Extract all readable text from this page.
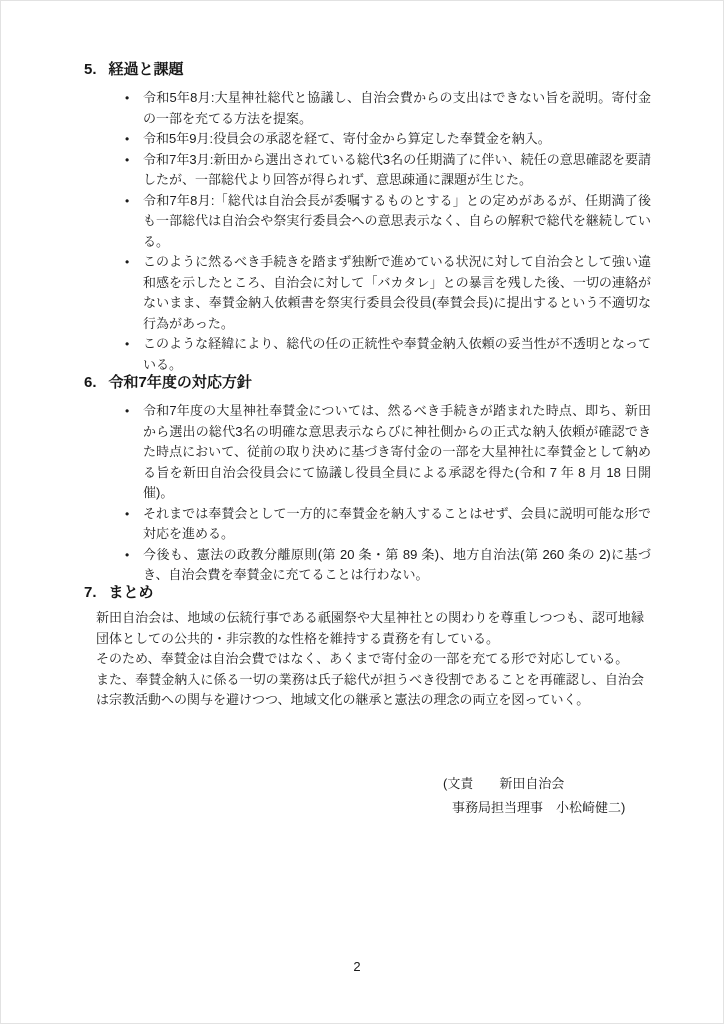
5. 経過と課題
• 令和5年8月:大星神社総代と協議し、自治会費からの支出はできない旨を説明。寄付金の一部を充てる方法を提案。
• 令和5年9月:役員会の承認を経て、寄付金から算定した奉賛金を納入。
• 令和7年3月:新田から選出されている総代3名の任期満了に伴い、続任の意思確認を要請したが、一部総代より回答が得られず、意思疎通に課題が生じた。
• 令和7年8月:「総代は自治会長が委嘱するものとする」との定めがあるが、任期満了後も一部総代は自治会や祭実行委員会への意思表示なく、自らの解釈で総代を継続している。
• このように然るべき手続きを踏まず独断で進めている状況に対して自治会として強い違和感を示したところ、自治会に対して「バカタレ」との暴言を残した後、一切の連絡がないまま、奉賛金納入依頼書を祭実行委員会役員(奉賛会長)に提出するという不適切な行為があった。
• このような経緯により、総代の任の正統性や奉賛金納入依頼の妥当性が不透明となっている。
6. 令和7年度の対応方針
• 令和7年度の大星神社奉賛金については、然るべき手続きが踏まれた時点、即ち、新田から選出の総代3名の明確な意思表示ならびに神社側からの正式な納入依頼が確認できた時点において、従前の取り決めに基づき寄付金の一部を大星神社に奉賛金として納める旨を新田自治会役員会にて協議し役員全員による承認を得た(令和 7 年 8 月 18 日開催)。
• それまでは奉賛会として一方的に奉賛金を納入することはせず、会員に説明可能な形で対応を進める。
• 今後も、憲法の政教分離原則(第 20 条・第 89 条)、地方自治法(第 260 条の 2)に基づき、自治会費を奉賛金に充てることは行わない。
7. まとめ

新田自治会は、地域の伝統行事である祇園祭や大星神社との関わりを尊重しつつも、認可地縁団体としての公共的・非宗教的な性格を維持する責務を有している。

そのため、奉賛金は自治会費ではなく、あくまで寄付金の一部を充てる形で対応している。

また、奉賛金納入に係る一切の業務は氏子総代が担うべき役割であることを再確認し、自治会は宗教活動への関与を避けつつ、地域文化の継承と憲法の理念の両立を図っていく。

(文責　　新田自治会
事務局担当理事　小松崎健二)
2
